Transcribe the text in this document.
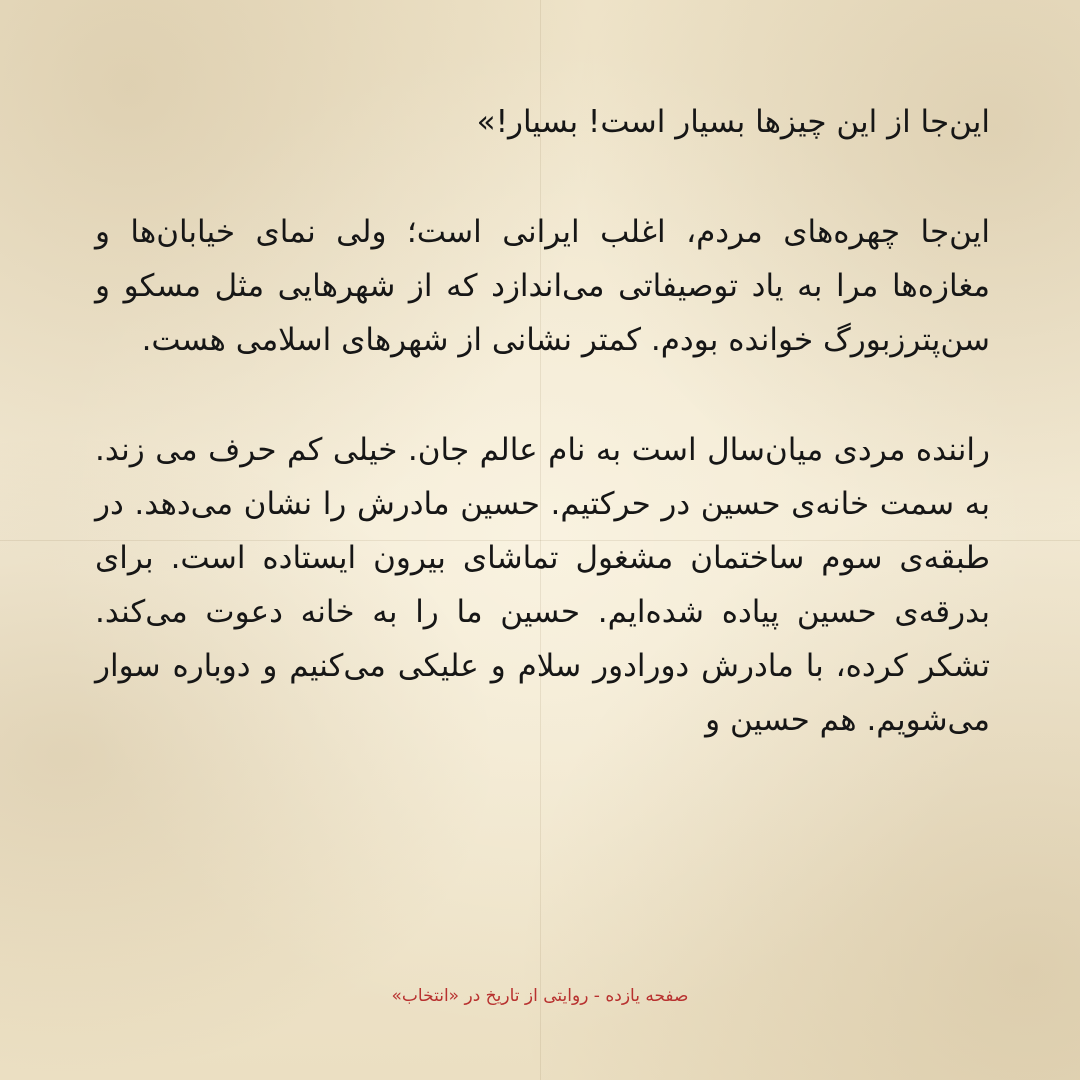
این‌جا از این چیزها بسیار است! بسیار!»

این‌جا چهره‌های مردم، اغلب ایرانی است؛ ولی نمای خیابان‌ها و مغازه‌ها مرا به یاد توصیفاتی می‌اندازد که از شهرهایی مثل مسکو و سن‌پترزبورگ خوانده بودم. کمتر نشانی از شهرهای اسلامی هست.

راننده مردی میان‌سال است به نام عالم جان. خیلی کم حرف می زند. به سمت خانه‌ی حسین در حرکتیم. حسین مادرش را نشان می‌دهد. در طبقه‌ی سوم ساختمان مشغول تماشای بیرون ایستاده است. برای بدرقه‌ی حسین پیاده شده‌ایم. حسین ما را به خانه دعوت می‌کند. تشکر کرده، با مادرش دورادور سلام و علیکی می‌کنیم و دوباره سوار می‌شویم. هم حسین و

صفحه یازده - روایتی از تاریخ در «انتخاب»
